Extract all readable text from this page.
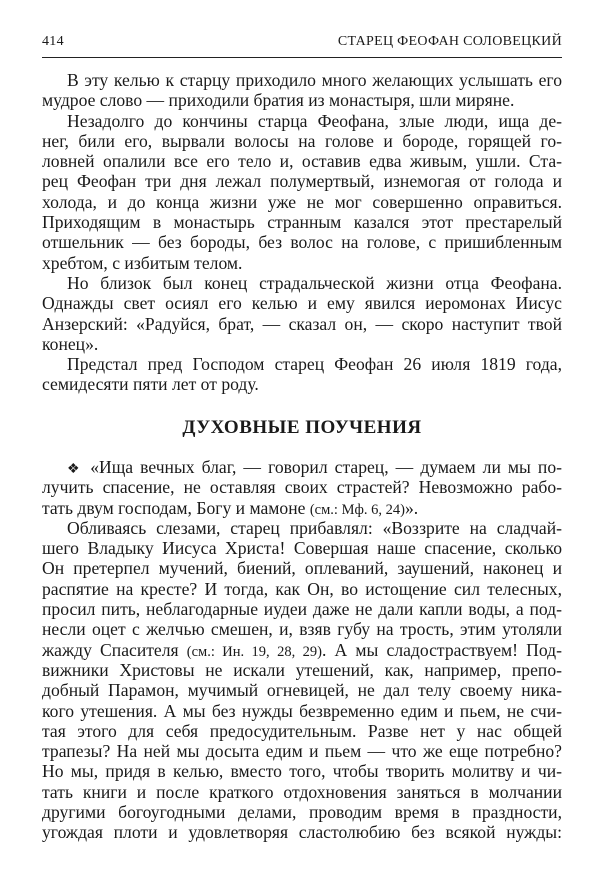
414	СТАРЕЦ ФЕОФАН СОЛОВЕЦКИЙ
В эту келью к старцу приходило много желающих услышать его
мудрое слово — приходили братия из монастыря, шли миряне.
Незадолго до кончины старца Феофана, злые люди, ища де-
нег, били его, вырвали волосы на голове и бороде, горящей го-
ловней опалили все его тело и, оставив едва живым, ушли. Ста-
рец Феофан три дня лежал полумертвый, изнемогая от голода и
холода, и до конца жизни уже не мог совершенно оправиться.
Приходящим в монастырь странным казался этот престарелый
отшельник — без бороды, без волос на голове, с пришибленным
хребтом, с избитым телом.
Но близок был конец страдальческой жизни отца Феофана.
Однажды свет осиял его келью и ему явился иеромонах Иисус
Анзерский: «Радуйся, брат, — сказал он, — скоро наступит твой
конец».
Предстал пред Господом старец Феофан 26 июля 1819 года,
семидесяти пяти лет от роду.
ДУХОВНЫЕ ПОУЧЕНИЯ
❖ «Ища вечных благ, — говорил старец, — думаем ли мы по-
лучить спасение, не оставляя своих страстей? Невозможно рабо-
тать двум господам, Богу и мамоне (см.: Мф. 6, 24)».
Обливаясь слезами, старец прибавлял: «Воззрите на сладчай-
шего Владыку Иисуса Христа! Совершая наше спасение, сколько
Он претерпел мучений, биений, оплеваний, заушений, наконец и
распятие на кресте? И тогда, как Он, во истощение сил телесных,
просил пить, неблагодарные иудеи даже не дали капли воды, а под-
несли оцет с желчью смешен, и, взяв губу на трость, этим утоляли
жажду Спасителя (см.: Ин. 19, 28, 29). А мы сладостраствуем! Под-
вижники Христовы не искали утешений, как, например, препо-
добный Парамон, мучимый огневицей, не дал телу своему ника-
кого утешения. А мы без нужды безвременно едим и пьем, не счи-
тая этого для себя предосудительным. Разве нет у нас общей
трапезы? На ней мы досыта едим и пьем — что же еще потребно?
Но мы, придя в келью, вместо того, чтобы творить молитву и чи-
тать книги и после краткого отдохновения заняться в молчании
другими богоугодными делами, проводим время в праздности,
угождая плоти и удовлетворяя сластолюбию без всякой нужды:
